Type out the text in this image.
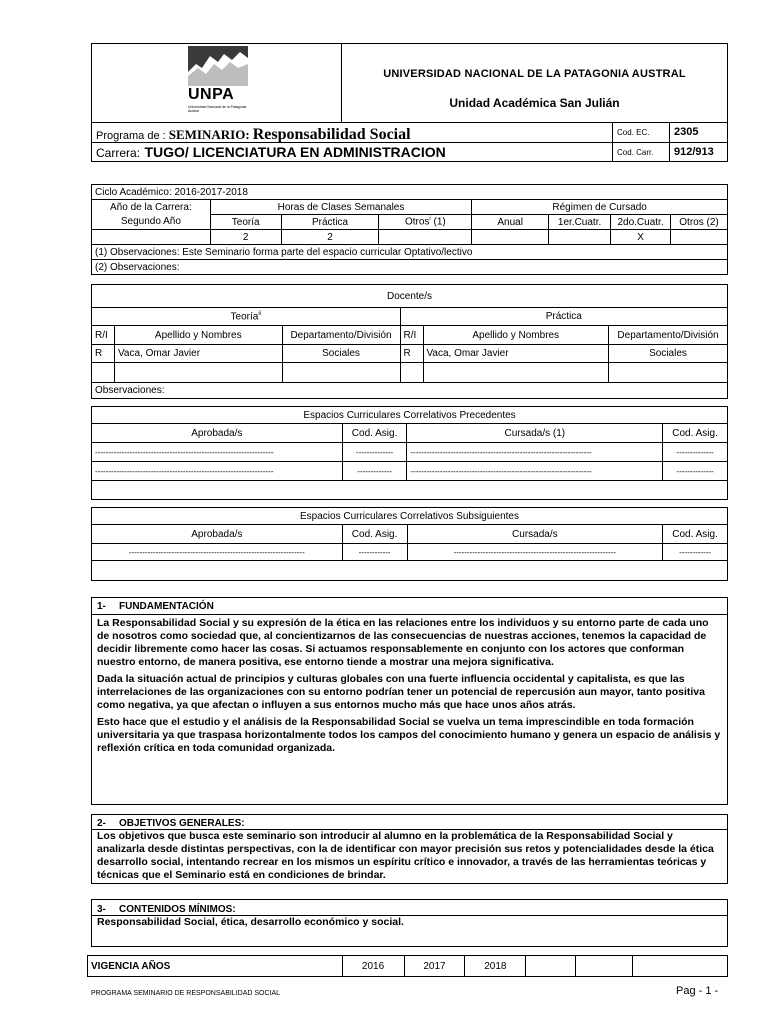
UNPA
Universidad Nacional de la Patagonia Austral
UNIVERSIDAD NACIONAL DE LA PATAGONIA AUSTRAL
Unidad Académica San Julián
Programa de : SEMINARIO: Responsabilidad Social	Cod. EC.	2305
Carrera: TUGO/ LICENCIATURA EN ADMINISTRACION	Cod. Carr.	912/913
Ciclo Académico: 2016-2017-2018							
Año de la Carrera:	Horas de Clases Semanales			Régimen de Cursado			
Segundo Año	Teoría	Práctica	Otros$^i$ (1)	Anual	1er.Cuatr.	2do.Cuatr.	Otros (2)
	2	2				X	
(1) Observaciones: Este Seminario forma parte del espacio curricular Optativo/lectivo							
(2) Observaciones:							
Docente/s					
Teoría$^{ii}$			Práctica		
R/I	Apellido y Nombres	Departamento/División	R/I	Apellido y Nombres	Departamento/División
R	Vaca, Omar Javier	Sociales	R	Vaca, Omar Javier	Sociales

Observaciones:					
Espacios Curriculares Correlativos Precedentes			
Aprobada/s	Cod. Asig.	Cursada/s (1)	Cod. Asig.
-------------------------------------------------------------------	--------------	--------------------------------------------------------------------	--------------
-------------------------------------------------------------------	-------------	--------------------------------------------------------------------	--------------

Espacios Curriculares Correlativos Subsiguientes			
Aprobada/s	Cod. Asig.	Cursada/s	Cod. Asig.
------------------------------------------------------------------	------------	-------------------------------------------------------------	------------

1- FUNDAMENTACIÓN

La Responsabilidad Social y su expresión de la ética en las relaciones entre los individuos y su entorno parte de cada uno de nosotros como sociedad que, al concientizarnos de las consecuencias de nuestras acciones, tenemos la capacidad de decidir libremente como hacer las cosas. Si actuamos responsablemente en conjunto con los actores que conforman nuestro entorno, de manera positiva, ese entorno tiende a mostrar una mejora significativa.

Dada la situación actual de principios y culturas globales con una fuerte influencia occidental y capitalista, es que las interrelaciones de las organizaciones con su entorno podrían tener un potencial de repercusión aun mayor, tanto positiva como negativa, ya que afectan o influyen a sus entornos mucho más que hace unos años atrás.

Esto hace que el estudio y el análisis de la Responsabilidad Social se vuelva un tema imprescindible en toda formación universitaria ya que traspasa horizontalmente todos los campos del conocimiento humano y genera un espacio de análisis y reflexión crítica en toda comunidad organizada.

2- OBJETIVOS GENERALES:
Los objetivos que busca este seminario son introducir al alumno en la problemática de la Responsabilidad Social y analizarla desde distintas perspectivas, con la de identificar con mayor precisión sus retos y potencialidades desde la ética desarrollo social, intentando recrear en los mismos un espíritu crítico e innovador, a través de las herramientas teóricas y técnicas que el Seminario está en condiciones de brindar.
3- CONTENIDOS MÍNIMOS:
Responsabilidad Social, ética, desarrollo económico y social.
VIGENCIA AÑOS	2016	2017	2018			
PROGRAMA SEMINARIO DE RESPONSABILIDAD SOCIAL	Pag - 1 -
